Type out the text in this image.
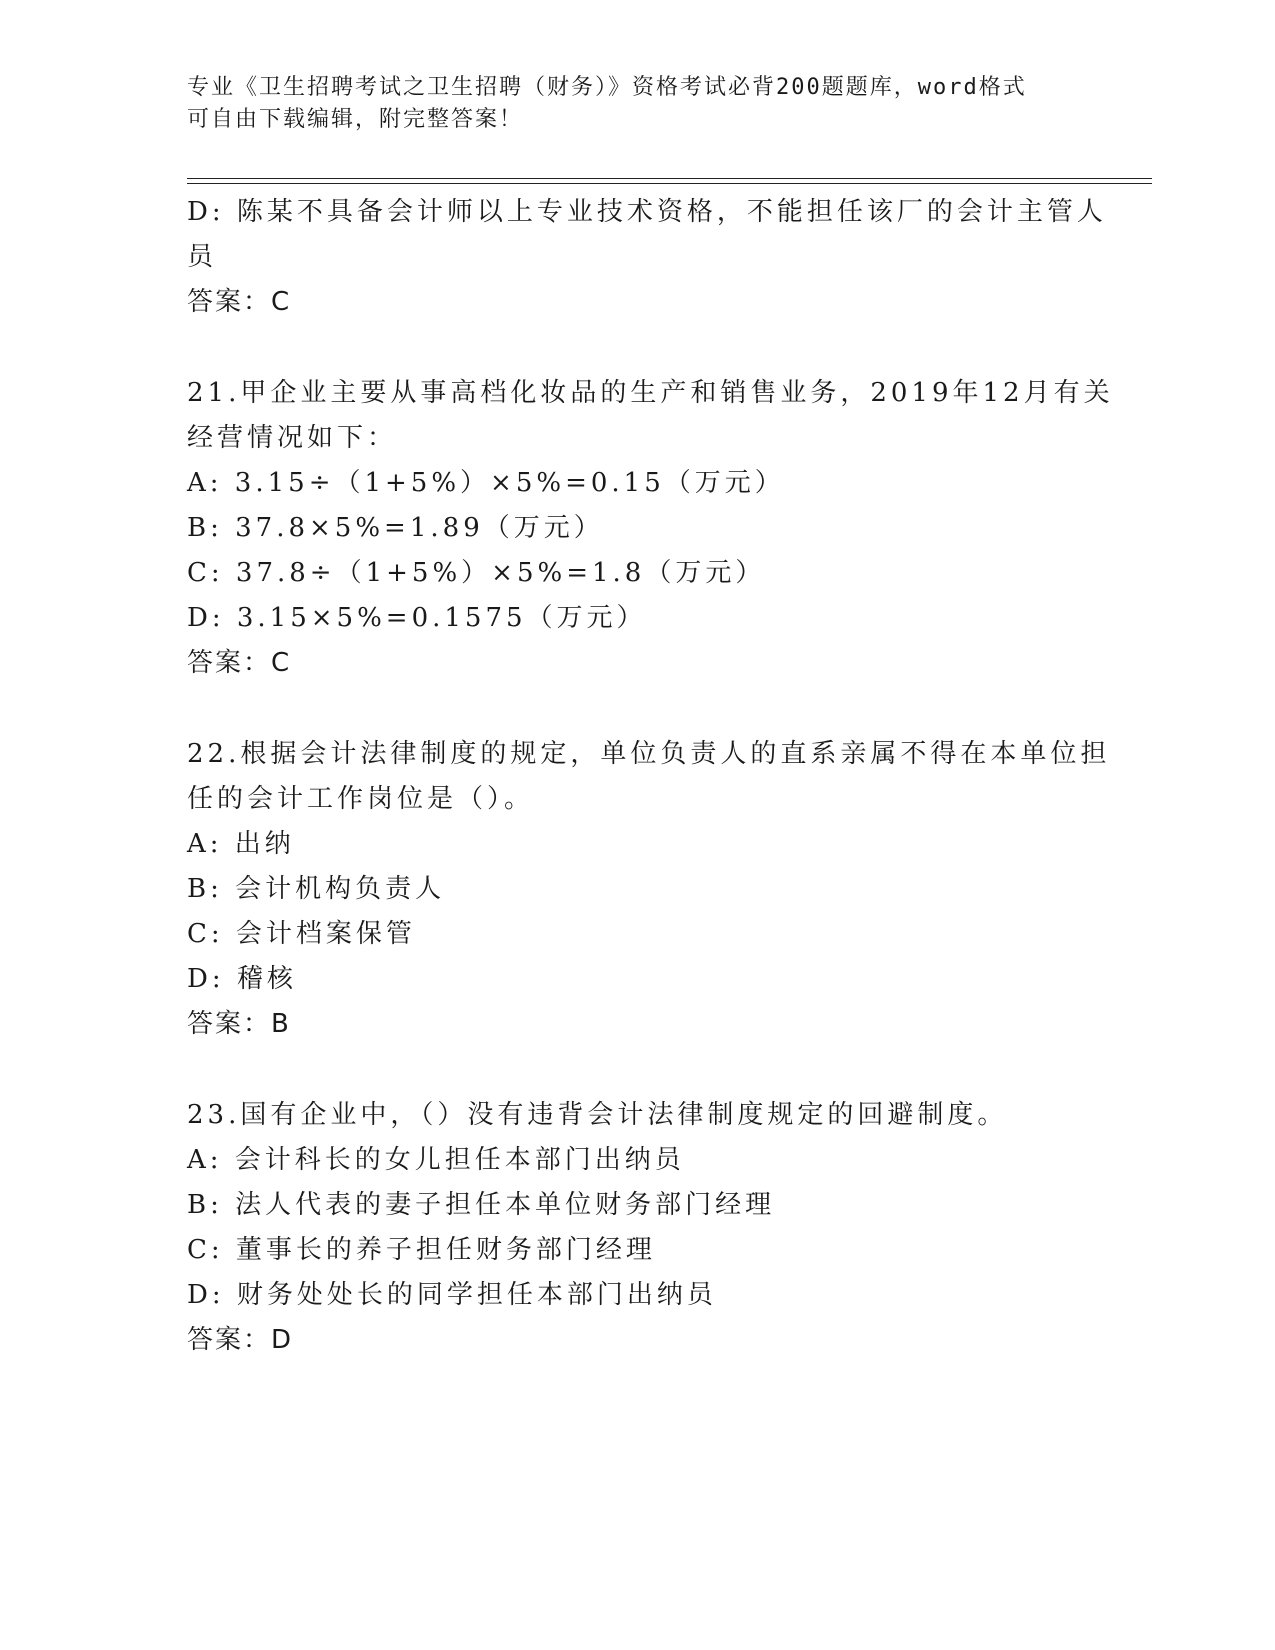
专业《卫生招聘考试之卫生招聘（财务）》资格考试必背200题题库，word格式
可自由下载编辑，附完整答案！
D: 陈某不具备会计师以上专业技术资格，不能担任该厂的会计主管人
员
答案：C
21.甲企业主要从事高档化妆品的生产和销售业务，2019年12月有关
经营情况如下：
A: 3.15÷（1+5%）×5%=0.15（万元）
B: 37.8×5%=1.89（万元）
C: 37.8÷（1+5%）×5%=1.8（万元）
D: 3.15×5%=0.1575（万元）
答案：C
22.根据会计法律制度的规定，单位负责人的直系亲属不得在本单位担
任的会计工作岗位是（）。
A: 出纳
B: 会计机构负责人
C: 会计档案保管
D: 稽核
答案：B
23.国有企业中，（）没有违背会计法律制度规定的回避制度。
A: 会计科长的女儿担任本部门出纳员
B: 法人代表的妻子担任本单位财务部门经理
C: 董事长的养子担任财务部门经理
D: 财务处处长的同学担任本部门出纳员
答案：D
